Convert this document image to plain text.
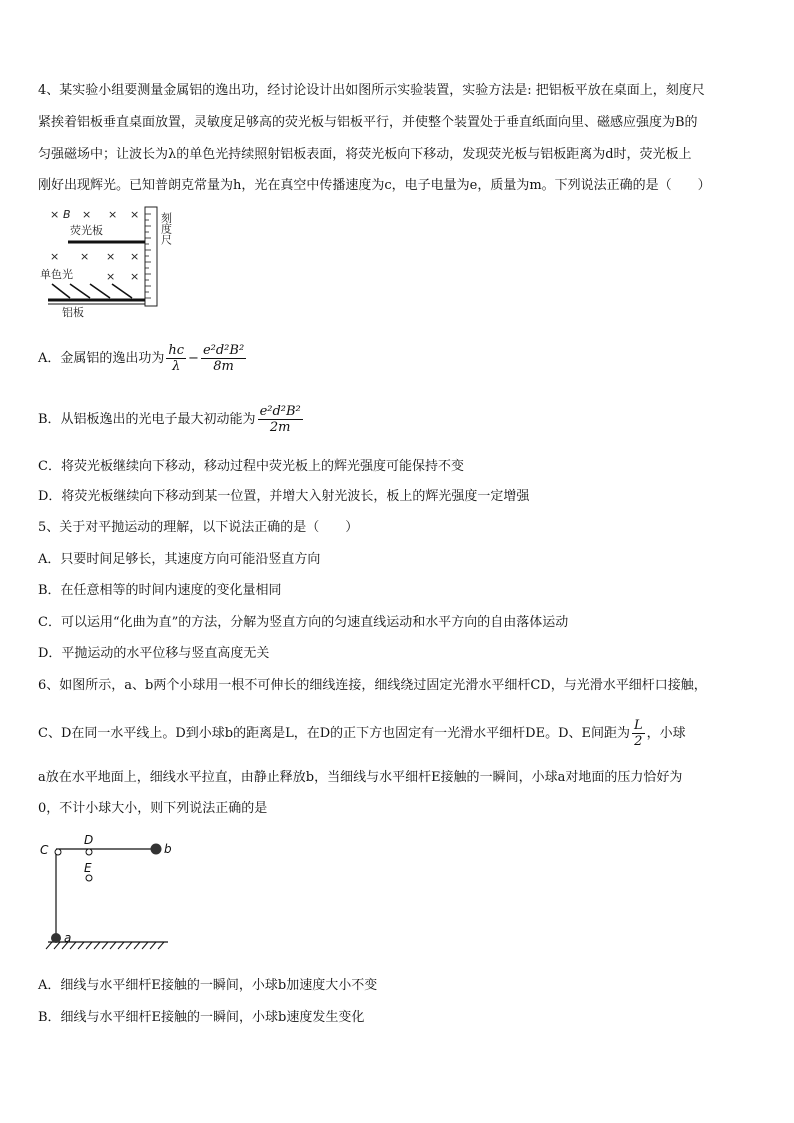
4、某实验小组要测量金属铝的逸出功，经讨论设计出如图所示实验装置，实验方法是: 把铝板平放在桌面上，刻度尺
紧挨着铝板垂直桌面放置，灵敏度足够高的荧光板与铝板平行，并使整个装置处于垂直纸面向里、磁感应强度为B的
匀强磁场中；让波长为λ的单色光持续照射铝板表面，将荧光板向下移动，发现荧光板与铝板距离为d时，荧光板上
刚好出现辉光。已知普朗克常量为h，光在真空中传播速度为c，电子电量为e，质量为m。下列说法正确的是（　　）
刻度尺
× B × × ×
荧光板
× × × ×
单色光	× ×
铝板
A．金属铝的逸出功为 $\frac{hc}{\lambda} - \frac{\text{e²d²B²}}{8m}$
B．从铝板逸出的光电子最大初动能为 $\frac{\text{e²d²B²}}{2m}$
C．将荧光板继续向下移动，移动过程中荧光板上的辉光强度可能保持不变
D．将荧光板继续向下移动到某一位置，并增大入射光波长，板上的辉光强度一定增强
5、关于对平抛运动的理解，以下说法正确的是（　　）
A．只要时间足够长，其速度方向可能沿竖直方向
B．在任意相等的时间内速度的变化量相同
C．可以运用“化曲为直”的方法，分解为竖直方向的匀速直线运动和水平方向的自由落体运动
D．平抛运动的水平位移与竖直高度无关
6、如图所示，a、b两个小球用一根不可伸长的细线连接，细线绕过固定光滑水平细杆CD，与光滑水平细杆口接触，
C、D在同一水平线上。D到小球b的距离是L，在D的正下方也固定有一光滑水平细杆DE。D、E间距为 $\frac{L}{2}$ ，小球
a放在水平地面上，细线水平拉直，由静止释放b，当细线与水平细杆E接触的一瞬间，小球a对地面的压力恰好为
0，不计小球大小，则下列说法正确的是
C
D
E
b
a
A．细线与水平细杆E接触的一瞬间，小球b加速度大小不变
B．细线与水平细杆E接触的一瞬间，小球b速度发生变化
